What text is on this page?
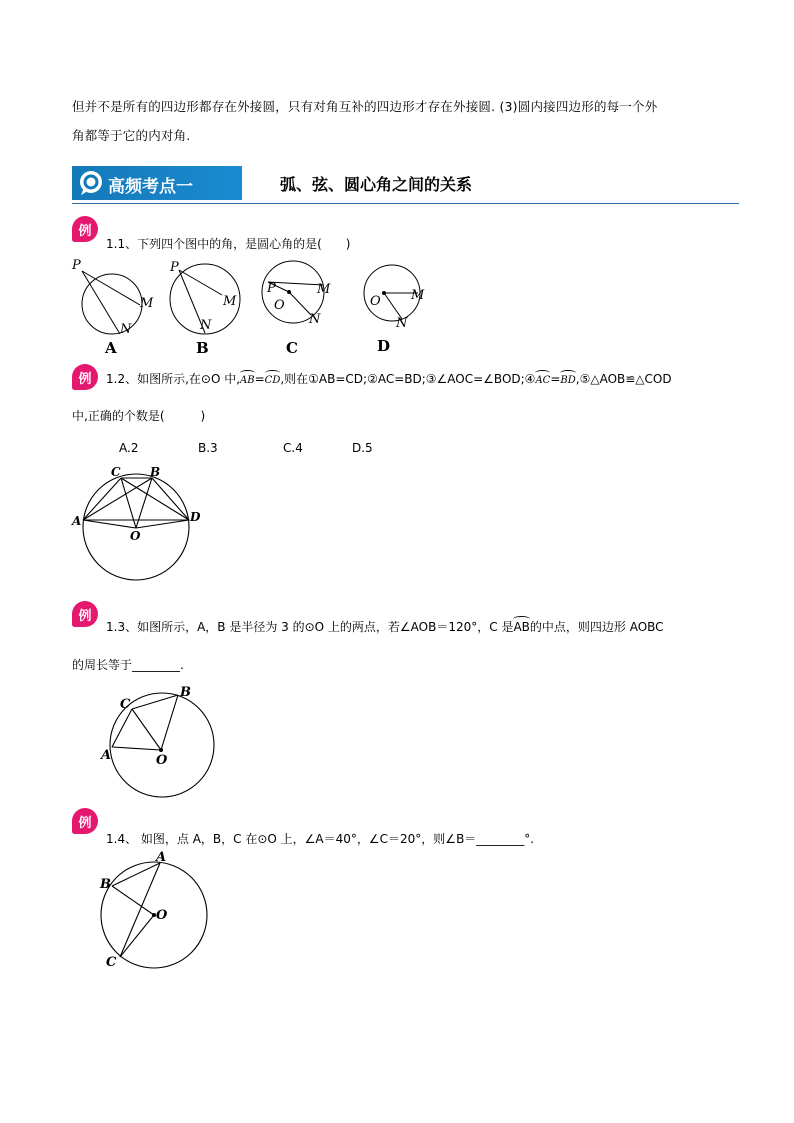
但并不是所有的四边形都存在外接圆，只有对角互补的四边形才存在外接圆. (3)圆内接四边形的每一个外
角都等于它的内对角.
高频考点一	弧、弦、圆心角之间的关系
例
1.1、下列四个图中的角，是圆心角的是(　　)
P
M
N
P
M
N
P	M
O
N
M
O
N
A	B	C	D
例	1.2、如图所示,在⊙O 中,AB=CD,则在①AB=CD;②AC=BD;③∠AOC=∠BOD;④AC=BD,⑤△AOB≌△COD
中,正确的个数是(　　　)
A.2	B.3	C.4	D.5
C B
A	D
O
例
1.3、如图所示，A，B 是半径为 3 的⊙O 上的两点，若∠AOB＝120°，C 是AB的中点，则四边形 AOBC
的周长等于________.
C
B
A	O
例
1.4、 如图，点 A，B，C 在⊙O 上，∠A＝40°，∠C＝20°，则∠B＝________°.
A
B
C
O
